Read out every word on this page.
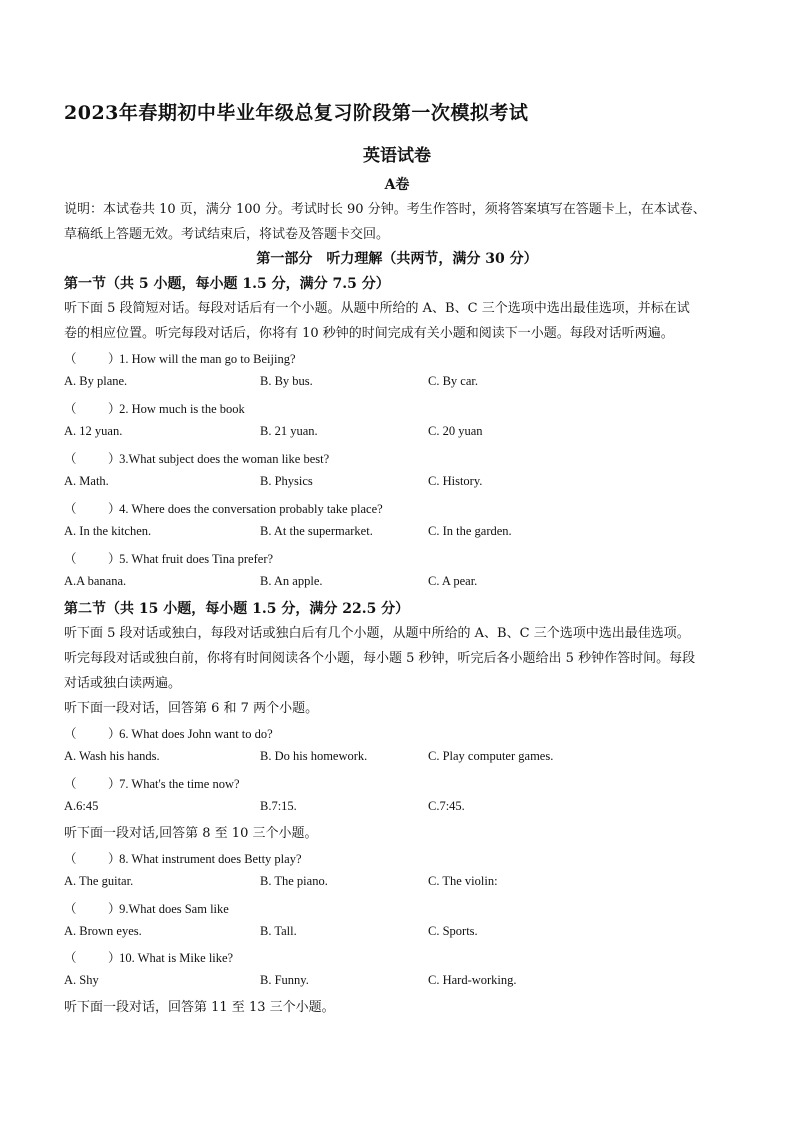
2023年春期初中毕业年级总复习阶段第一次模拟考试
英语试卷
A卷
说明：本试卷共 10 页，满分 100 分。考试时长 90 分钟。考生作答时，须将答案填写在答题卡上，在本试卷、
草稿纸上答题无效。考试结束后，将试卷及答题卡交回。
第一部分　听力理解（共两节，满分 30 分）
第一节（共 5 小题，每小题 1.5 分，满分 7.5 分）
听下面 5 段简短对话。每段对话后有一个小题。从题中所给的 A、B、C 三个选项中选出最佳选项，并标在试
卷的相应位置。听完每段对话后，你将有 10 秒钟的时间完成有关小题和阅读下一小题。每段对话听两遍。
（	） 1. How will the man go to Beijing?
A. By plane.	B. By bus.	C. By car.
（	） 2. How much is the book
A. 12 yuan.	B. 21 yuan.	C. 20 yuan
（	） 3.What subject does the woman like best?
A. Math.	B. Physics	C. History.
（	） 4. Where does the conversation probably take place?
A. In the kitchen.	B. At the supermarket.	C. In the garden.
（	） 5. What fruit does Tina prefer?
A.A banana.	B. An apple.	C. A pear.
第二节（共 15 小题，每小题 1.5 分，满分 22.5 分）
听下面 5 段对话或独白，每段对话或独白后有几个小题，从题中所给的 A、B、C 三个选项中选出最佳选项。
听完每段对话或独白前，你将有时间阅读各个小题，每小题 5 秒钟，听完后各小题给出 5 秒钟作答时间。每段
对话或独白读两遍。
听下面一段对话，回答第 6 和 7 两个小题。
（	） 6. What does John want to do?
A. Wash his hands.	B. Do his homework.	C. Play computer games.
（	） 7. What's the time now?
A.6:45	B.7:15.	C.7:45.
听下面一段对话,回答第 8 至 10 三个小题。
（	） 8. What instrument does Betty play?
A. The guitar.	B. The piano.	C. The violin:
（	） 9.What does Sam like
A. Brown eyes.	B. Tall.	C. Sports.
（	） 10. What is Mike like?
A. Shy	B. Funny.	C. Hard-working.
听下面一段对话，回答第 11 至 13 三个小题。
